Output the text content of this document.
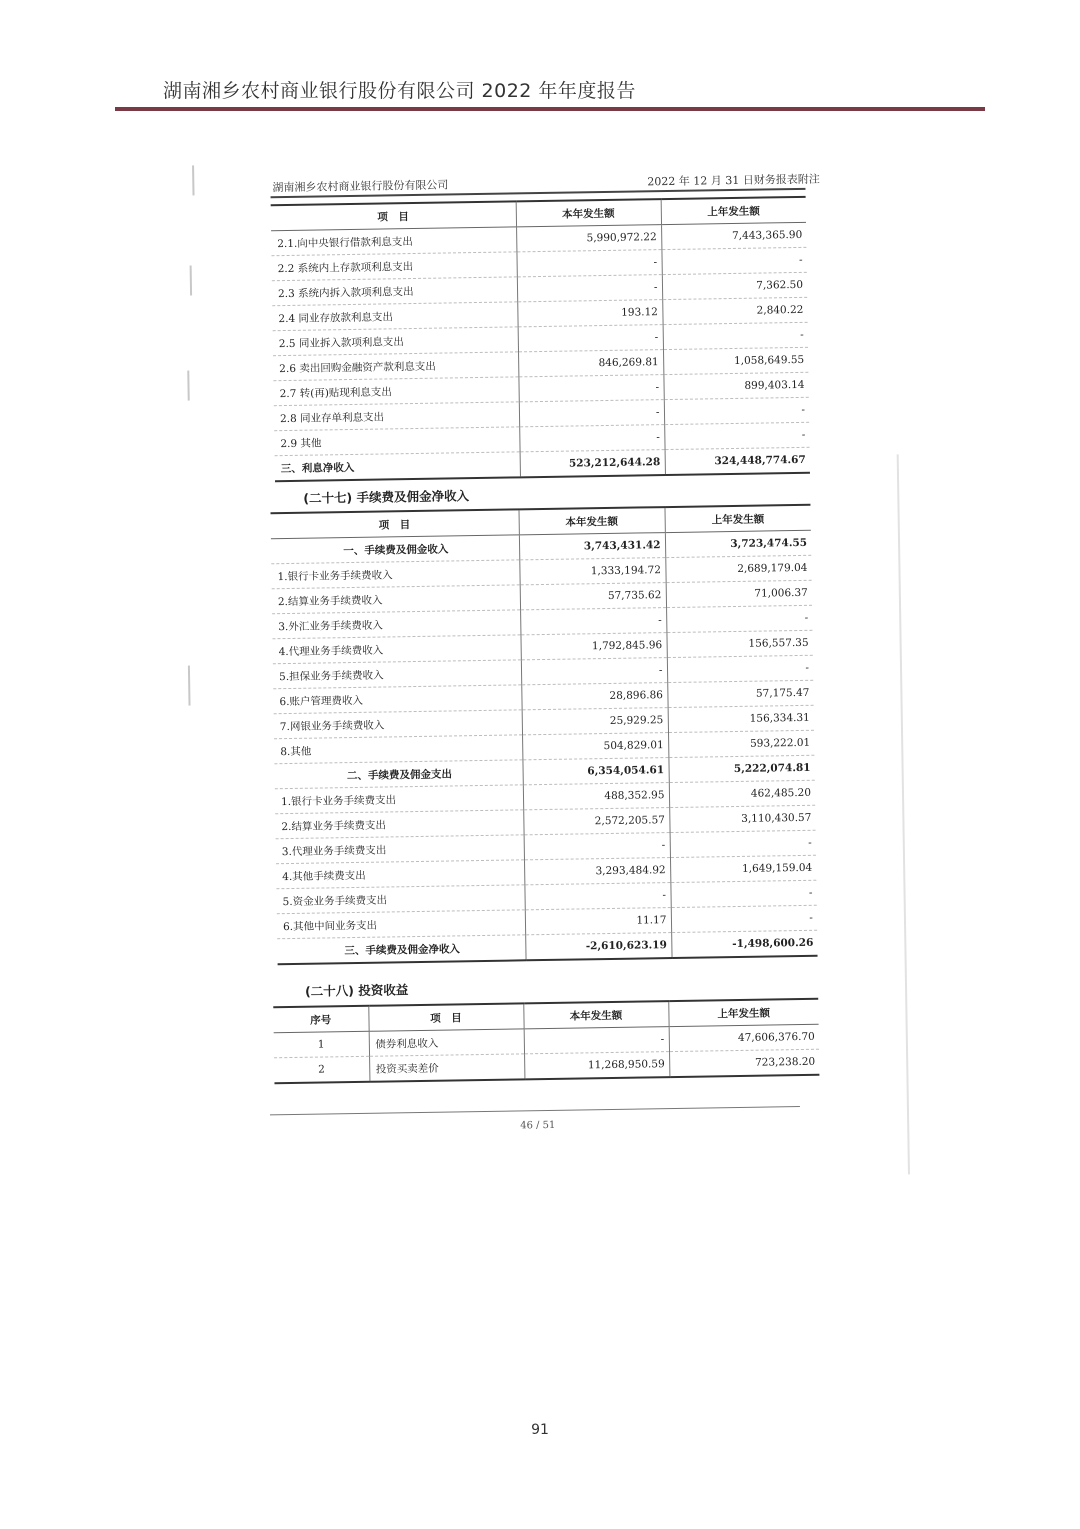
湖南湘乡农村商业银行股份有限公司 2022 年年度报告
湖南湘乡农村商业银行股份有限公司	2022 年 12 月 31 日财务报表附注
项　目	本年发生额	上年发生额
2.1.向中央银行借款利息支出	5,990,972.22	7,443,365.90
2.2 系统内上存款项利息支出	-	-
2.3 系统内拆入款项利息支出	-	7,362.50
2.4 同业存放款利息支出	193.12	2,840.22
2.5 同业拆入款项利息支出	-	-
2.6 卖出回购金融资产款利息支出	846,269.81	1,058,649.55
2.7 转(再)贴现利息支出	-	899,403.14
2.8 同业存单利息支出	-	-
2.9 其他	-	-
三、利息净收入	523,212,644.28	324,448,774.67
(二十七) 手续费及佣金净收入
项　目	本年发生额	上年发生额
一、手续费及佣金收入	3,743,431.42	3,723,474.55
1.银行卡业务手续费收入	1,333,194.72	2,689,179.04
2.结算业务手续费收入	57,735.62	71,006.37
3.外汇业务手续费收入	-	-
4.代理业务手续费收入	1,792,845.96	156,557.35
5.担保业务手续费收入	-	-
6.账户管理费收入	28,896.86	57,175.47
7.网银业务手续费收入	25,929.25	156,334.31
8.其他	504,829.01	593,222.01
二、手续费及佣金支出	6,354,054.61	5,222,074.81
1.银行卡业务手续费支出	488,352.95	462,485.20
2.结算业务手续费支出	2,572,205.57	3,110,430.57
3.代理业务手续费支出	-	-
4.其他手续费支出	3,293,484.92	1,649,159.04
5.资金业务手续费支出	-	-
6.其他中间业务支出	11.17	-
三、手续费及佣金净收入	-2,610,623.19	-1,498,600.26
(二十八) 投资收益
序号	项　目	本年发生额	上年发生额
1	债券利息收入	-	47,606,376.70
2	投资买卖差价	11,268,950.59	723,238.20
46 / 51
91
